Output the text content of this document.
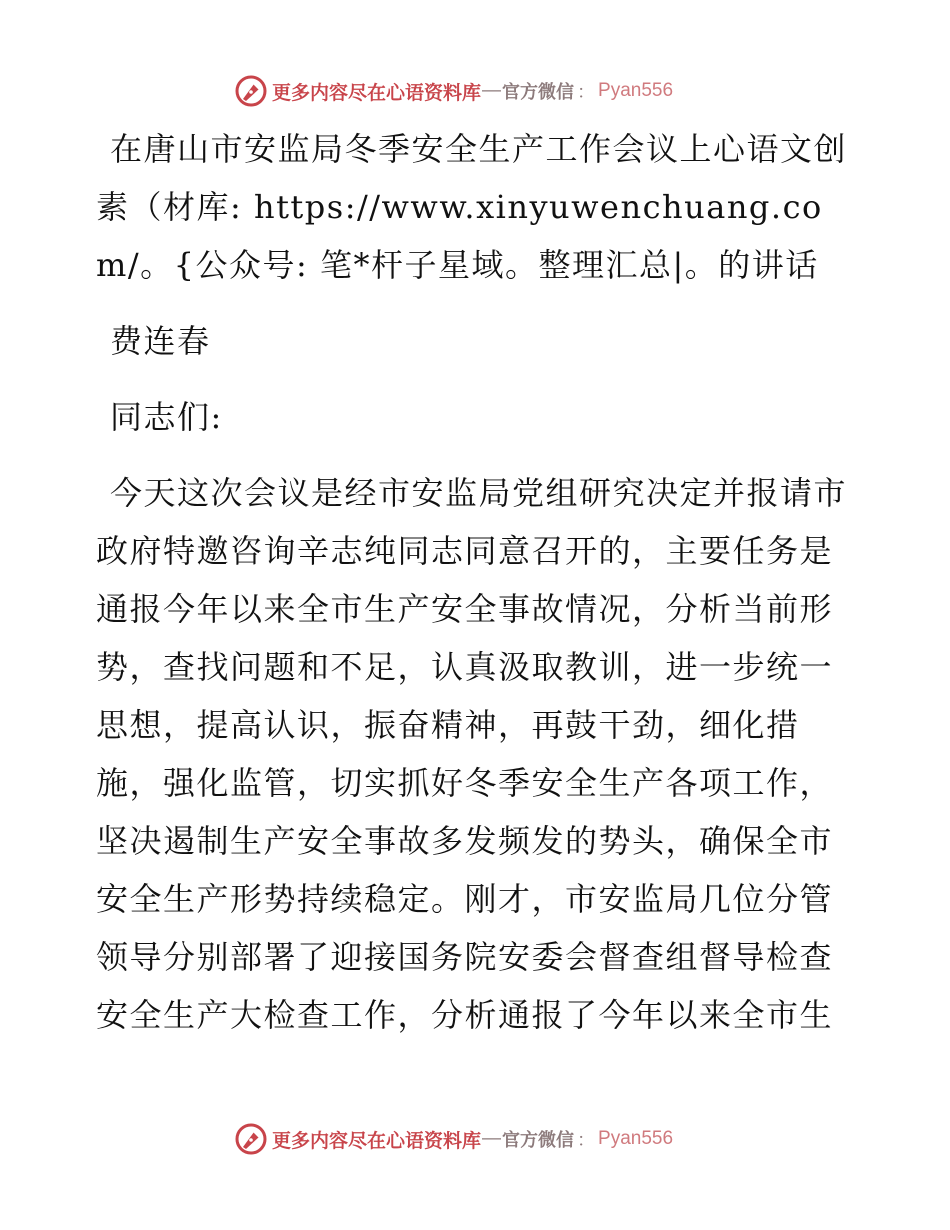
更多内容尽在心语资料库 — 官方微信 ： Pyan556

在唐山市安监局冬季安全生产工作会议上心语文创素（材库: https://www.xinyuwenchuang.com/。{公众号: 笔*杆子星域。整理汇总|。的讲话

费连春

同志们:

今天这次会议是经市安监局党组研究决定并报请市政府特邀咨询辛志纯同志同意召开的，主要任务是通报今年以来全市生产安全事故情况，分析当前形势，查找问题和不足，认真汲取教训，进一步统一思想，提高认识，振奋精神，再鼓干劲，细化措施，强化监管，切实抓好冬季安全生产各项工作，坚决遏制生产安全事故多发频发的势头，确保全市安全生产形势持续稳定。刚才，市安监局几位分管领导分别部署了迎接国务院安委会督查组督导检查安全生产大检查工作，分析通报了今年以来全市生

更多内容尽在心语资料库 — 官方微信 ： Pyan556
